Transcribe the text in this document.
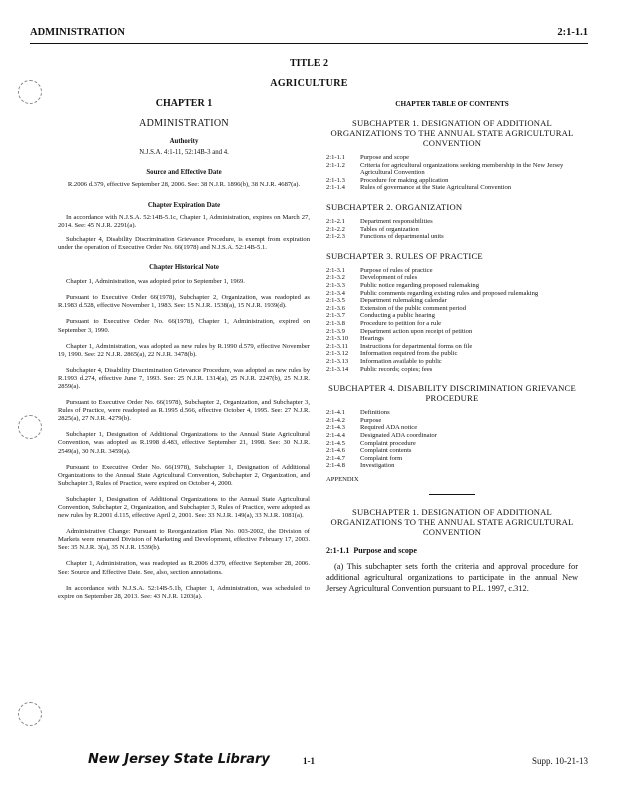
ADMINISTRATION	2:1-1.1
TITLE 2
AGRICULTURE
CHAPTER 1
ADMINISTRATION
Authority
N.J.S.A. 4:1-11, 52:14B-3 and 4.
Source and Effective Date
R.2006 d.379, effective September 28, 2006. See: 38 N.J.R. 1896(b), 38 N.J.R. 4687(a).
Chapter Expiration Date

In accordance with N.J.S.A. 52:14B-5.1c, Chapter 1, Administration, expires on March 27, 2014. See: 45 N.J.R. 2291(a).

Subchapter 4, Disability Discrimination Grievance Procedure, is exempt from expiration under the operation of Executive Order No. 66(1978) and N.J.S.A. 52:14B-5.1.

Chapter Historical Note

Chapter 1, Administration, was adopted prior to September 1, 1969.

Pursuant to Executive Order 66(1978), Subchapter 2, Organization, was readopted as R.1983 d.528, effective November 1, 1983. See: 15 N.J.R. 1538(a), 15 N.J.R. 1939(d).

Pursuant to Executive Order No. 66(1978), Chapter 1, Administration, expired on September 3, 1990.

Chapter 1, Administration, was adopted as new rules by R.1990 d.579, effective November 19, 1990. See: 22 N.J.R. 2865(a), 22 N.J.R. 3478(b).

Subchapter 4, Disability Discrimination Grievance Procedure, was adopted as new rules by R.1993 d.274, effective June 7, 1993. See: 25 N.J.R. 1314(a), 25 N.J.R. 2247(b), 25 N.J.R. 2859(a).

Pursuant to Executive Order No. 66(1978), Subchapter 2, Organization, and Subchapter 3, Rules of Practice, were readopted as R.1995 d.566, effective October 4, 1995. See: 27 N.J.R. 2825(a), 27 N.J.R. 4279(b).

Subchapter 1, Designation of Additional Organizations to the Annual State Agricultural Convention, was adopted as R.1998 d.483, effective September 21, 1998. See: 30 N.J.R. 2549(a), 30 N.J.R. 3459(a).

Pursuant to Executive Order No. 66(1978), Subchapter 1, Designation of Additional Organizations to the Annual State Agricultural Convention, Subchapter 2, Organization, and Subchapter 3, Rules of Practice, were expired on October 4, 2000.

Subchapter 1, Designation of Additional Organizations to the Annual State Agricultural Convention, Subchapter 2, Organization, and Subchapter 3, Rules of Practice, were adopted as new rules by R.2001 d.115, effective April 2, 2001. See: 33 N.J.R. 149(a), 33 N.J.R. 1081(a).

Administrative Change: Pursuant to Reorganization Plan No. 003-2002, the Division of Markets were renamed Division of Marketing and Development, effective February 17, 2003. See: 35 N.J.R. 3(a), 35 N.J.R. 1539(b).

Chapter 1, Administration, was readopted as R.2006 d.379, effective September 28, 2006. See: Source and Effective Date. See, also, section annotations.

In accordance with N.J.S.A. 52:14B-5.1b, Chapter 1, Administration, was scheduled to expire on September 28, 2013. See: 43 N.J.R. 1203(a).

CHAPTER TABLE OF CONTENTS
SUBCHAPTER 1. DESIGNATION OF ADDITIONAL ORGANIZATIONS TO THE ANNUAL STATE AGRICULTURAL CONVENTION
2:1-1.1	Purpose and scope
2:1-1.2	Criteria for agricultural organizations seeking membership in the New Jersey Agricultural Convention
2:1-1.3	Procedure for making application
2:1-1.4	Rules of governance at the State Agricultural Convention
SUBCHAPTER 2. ORGANIZATION
2:1-2.1	Department responsibilities
2:1-2.2	Tables of organization
2:1-2.3	Functions of departmental units
SUBCHAPTER 3. RULES OF PRACTICE
2:1-3.1	Purpose of rules of practice
2:1-3.2	Development of rules
2:1-3.3	Public notice regarding proposed rulemaking
2:1-3.4	Public comments regarding existing rules and proposed rulemaking
2:1-3.5	Department rulemaking calendar
2:1-3.6	Extension of the public comment period
2:1-3.7	Conducting a public hearing
2:1-3.8	Procedure to petition for a rule
2:1-3.9	Department action upon receipt of petition
2:1-3.10	Hearings
2:1-3.11	Instructions for departmental forms on file
2:1-3.12	Information required from the public
2:1-3.13	Information available to public
2:1-3.14	Public records; copies; fees
SUBCHAPTER 4. DISABILITY DISCRIMINATION GRIEVANCE PROCEDURE
2:1-4.1	Definitions
2:1-4.2	Purpose
2:1-4.3	Required ADA notice
2:1-4.4	Designated ADA coordinator
2:1-4.5	Complaint procedure
2:1-4.6	Complaint contents
2:1-4.7	Complaint form
2:1-4.8	Investigation
APPENDIX
SUBCHAPTER 1. DESIGNATION OF ADDITIONAL ORGANIZATIONS TO THE ANNUAL STATE AGRICULTURAL CONVENTION
2:1-1.1 Purpose and scope

(a) This subchapter sets forth the criteria and approval procedure for additional agricultural organizations to participate in the annual New Jersey Agricultural Convention pursuant to P.L. 1997, c.312.

New Jersey State Library	1-1	Supp. 10-21-13
